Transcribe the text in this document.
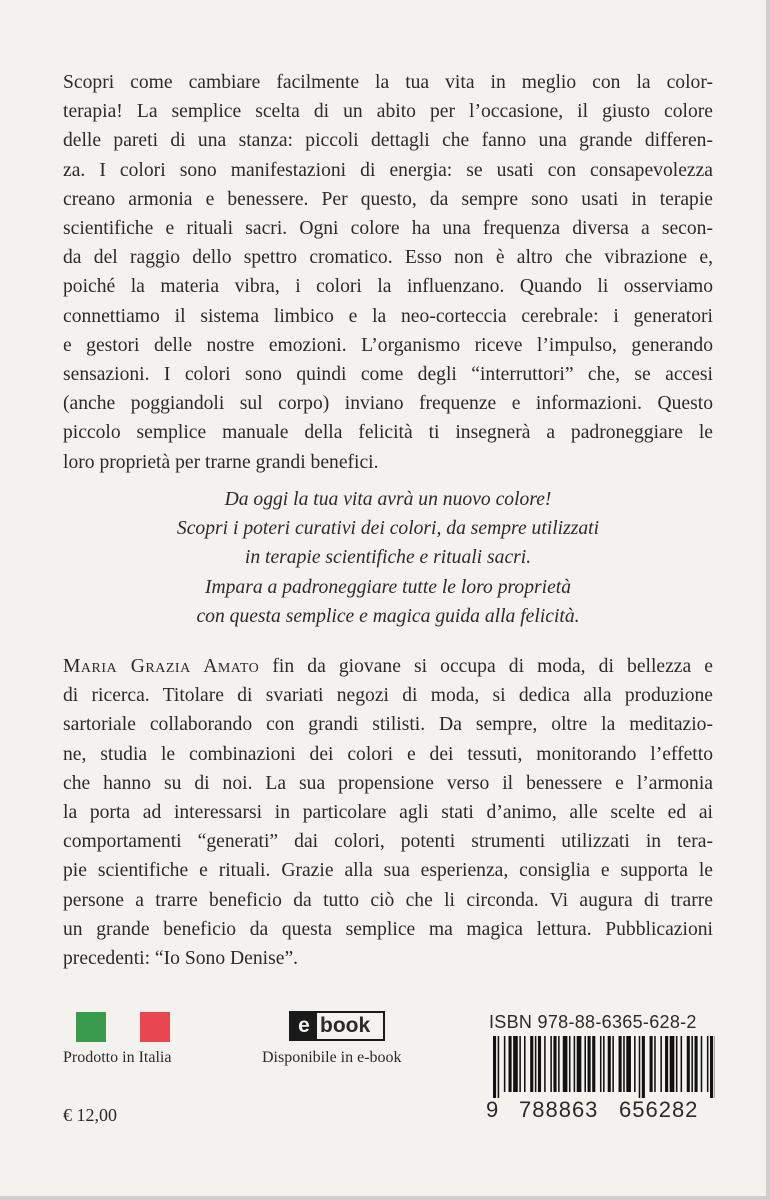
Scopri come cambiare facilmente la tua vita in meglio con la color-
terapia! La semplice scelta di un abito per l’occasione, il giusto colore
delle pareti di una stanza: piccoli dettagli che fanno una grande differen-
za. I colori sono manifestazioni di energia: se usati con consapevolezza
creano armonia e benessere. Per questo, da sempre sono usati in terapie
scientifiche e rituali sacri. Ogni colore ha una frequenza diversa a secon-
da del raggio dello spettro cromatico. Esso non è altro che vibrazione e,
poiché la materia vibra, i colori la influenzano. Quando li osserviamo
connettiamo il sistema limbico e la neo-corteccia cerebrale: i generatori
e gestori delle nostre emozioni. L’organismo riceve l’impulso, generando
sensazioni. I colori sono quindi come degli “interruttori” che, se accesi
(anche poggiandoli sul corpo) inviano frequenze e informazioni. Questo
piccolo semplice manuale della felicità ti insegnerà a padroneggiare le
loro proprietà per trarne grandi benefici.
Da oggi la tua vita avrà un nuovo colore!
Scopri i poteri curativi dei colori, da sempre utilizzati
in terapie scientifiche e rituali sacri.
Impara a padroneggiare tutte le loro proprietà
con questa semplice e magica guida alla felicità.
Maria Grazia Amato fin da giovane si occupa di moda, di bellezza e
di ricerca. Titolare di svariati negozi di moda, si dedica alla produzione
sartoriale collaborando con grandi stilisti. Da sempre, oltre la meditazio-
ne, studia le combinazioni dei colori e dei tessuti, monitorando l’effetto
che hanno su di noi. La sua propensione verso il benessere e l’armonia
la porta ad interessarsi in particolare agli stati d’animo, alle scelte ed ai
comportamenti “generati” dai colori, potenti strumenti utilizzati in tera-
pie scientifiche e rituali. Grazie alla sua esperienza, consiglia e supporta le
persone a trarre beneficio da tutto ciò che li circonda. Vi augura di trarre
un grande beneficio da questa semplice ma magica lettura. Pubblicazioni
precedenti: “Io Sono Denise”.
Prodotto in Italia
e book
Disponibile in e-book
€ 12,00
ISBN 978-88-6365-628-2
9 788863 656282
